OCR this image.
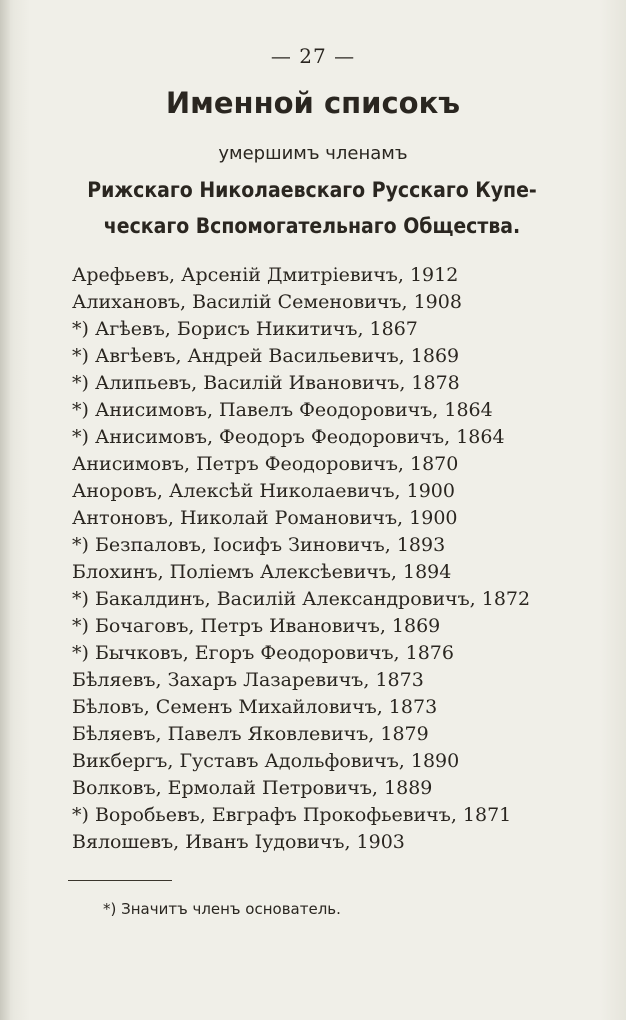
— 27 —
Именной списокъ
умершимъ членамъ
Рижскаго Николаевскаго Русскаго Купе-
ческаго Вспомогательнаго Общества.
Арефьевъ, Арсеній Дмитріевичъ, 1912
Алихановъ, Василій Семеновичъ, 1908
*) Агѣевъ, Борисъ Никитичъ, 1867
*) Авгѣевъ, Андрей Васильевичъ, 1869
*) Алипьевъ, Василій Ивановичъ, 1878
*) Анисимовъ, Павелъ Феодоровичъ, 1864
*) Анисимовъ, Феодоръ Феодоровичъ, 1864
Анисимовъ, Петръ Феодоровичъ, 1870
Аноровъ, Алексѣй Николаевичъ, 1900
Антоновъ, Николай Романовичъ, 1900
*) Безпаловъ, Іосифъ Зиновичъ, 1893
Блохинъ, Поліемъ Алексѣевичъ, 1894
*) Бакалдинъ, Василій Александровичъ, 1872
*) Бочаговъ, Петръ Ивановичъ, 1869
*) Бычковъ, Егоръ Феодоровичъ, 1876
Бѣляевъ, Захаръ Лазаревичъ, 1873
Бѣловъ, Семенъ Михайловичъ, 1873
Бѣляевъ, Павелъ Яковлевичъ, 1879
Викбергъ, Густавъ Адольфовичъ, 1890
Волковъ, Ермолай Петровичъ, 1889
*) Воробьевъ, Евграфъ Прокофьевичъ, 1871
Вялошевъ, Иванъ Іудовичъ, 1903
*) Значитъ членъ основатель.
